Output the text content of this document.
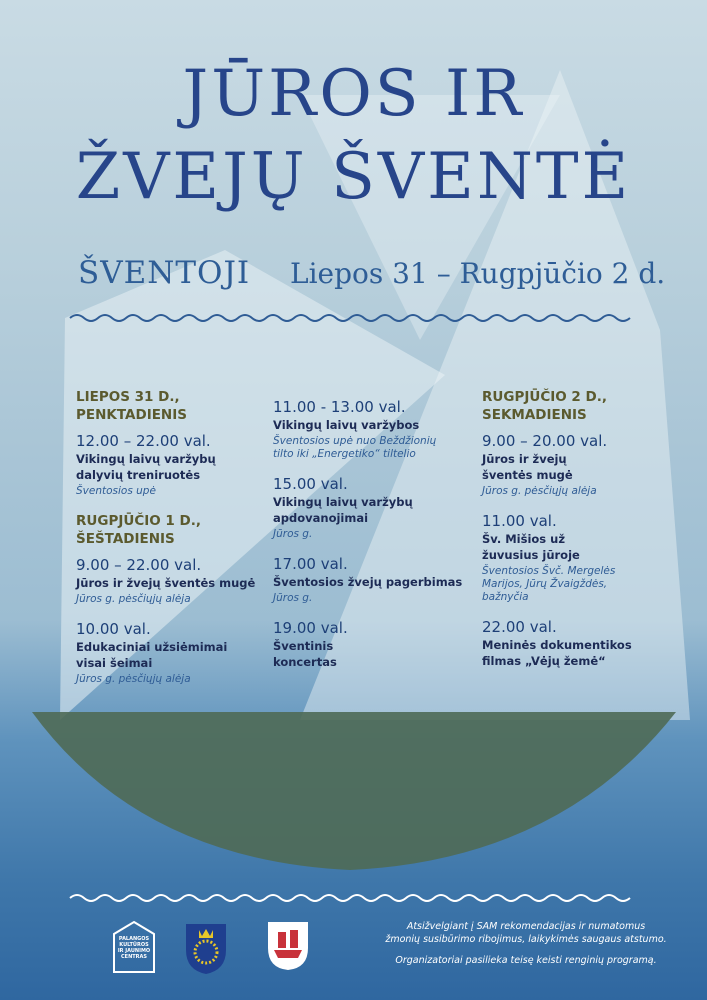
JŪROS IR
ŽVEJŲ ŠVENTĖ
ŠVENTOJI Liepos 31 – Rugpjūčio 2 d.
LIEPOS 31 D.,
PENKTADIENIS
12.00 – 22.00 val.
Vikingų laivų varžybų
dalyvių treniruotės
Šventosios upė
RUGPJŪČIO 1 D.,
ŠEŠTADIENIS
9.00 – 22.00 val.
Jūros ir žvejų šventės mugė
Jūros g. pėsčiųjų alėja
10.00 val.
Edukaciniai užsiėmimai
visai šeimai
Jūros g. pėsčiųjų alėja
11.00 - 13.00 val.
Vikingų laivų varžybos
Šventosios upė nuo Beždžionių
tilto iki „Energetiko“ tiltelio
15.00 val.
Vikingų laivų varžybų
apdovanojimai
Jūros g.
17.00 val.
Šventosios žvejų pagerbimas
Jūros g.
19.00 val.
Šventinis
koncertas
RUGPJŪČIO 2 D.,
SEKMADIENIS
9.00 – 20.00 val.
Jūros ir žvejų
šventės mugė
Jūros g. pėsčiųjų alėja
11.00 val.
Šv. Mišios už
žuvusius jūroje
Šventosios Švč. Mergelės
Marijos, Jūrų Žvaigždės,
bažnyčia
22.00 val.
Meninės dokumentikos
filmas „Vėjų žemė“
PALANGOS
KULTŪROS
IR JAUNIMO
CENTRAS
Atsižvelgiant į SAM rekomendacijas ir numatomus
žmonių susibūrimo ribojimus, laikykimės saugaus atstumo.
Organizatoriai pasilieka teisę keisti renginių programą.
